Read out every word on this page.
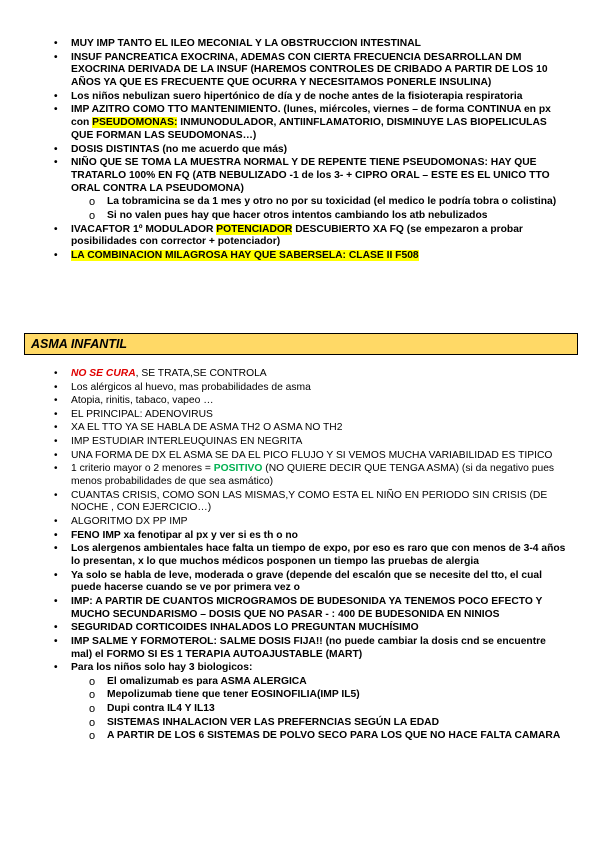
• MUY IMP TANTO EL ILEO MECONIAL Y LA OBSTRUCCION INTESTINAL
• INSUF PANCREATICA EXOCRINA, ADEMAS CON CIERTA FRECUENCIA DESARROLLAN DM EXOCRINA DERIVADA DE LA INSUF (HAREMOS CONTROLES DE CRIBADO A PARTIR DE LOS 10 AÑOS YA QUE ES FRECUENTE QUE OCURRA Y NECESITAMOS PONERLE INSULINA)
• Los niños nebulizan suero hipertónico de día y de noche antes de la fisioterapia respiratoria
• IMP AZITRO COMO TTO MANTENIMIENTO. (lunes, miércoles, viernes – de forma CONTINUA en px con PSEUDOMONAS: INMUNODULADOR, ANTIINFLAMATORIO, DISMINUYE LAS BIOPELICULAS QUE FORMAN LAS SEUDOMONAS…)
• DOSIS DISTINTAS (no me acuerdo que más)
• NIÑO QUE SE TOMA LA MUESTRA NORMAL Y DE REPENTE TIENE PSEUDOMONAS: HAY QUE TRATARLO 100% EN FQ (ATB NEBULIZADO -1 de los 3- + CIPRO ORAL – ESTE ES EL UNICO TTO ORAL CONTRA LA PSEUDOMONA)
o La tobramicina se da 1 mes y otro no por su toxicidad (el medico le podría tobra o colistina)
o Si no valen pues hay que hacer otros intentos cambiando los atb nebulizados
• IVACAFTOR 1º MODULADOR POTENCIADOR DESCUBIERTO XA FQ (se empezaron a probar posibilidades con corrector + potenciador)
• LA COMBINACION MILAGROSA HAY QUE SABERSELA: CLASE II F508
ASMA INFANTIL
• NO SE CURA, SE TRATA,SE CONTROLA
• Los alérgicos al huevo, mas probabilidades de asma
• Atopia, rinitis, tabaco, vapeo …
• EL PRINCIPAL: ADENOVIRUS
• XA EL TTO YA SE HABLA DE ASMA TH2 O ASMA NO TH2
• IMP ESTUDIAR INTERLEUQUINAS EN NEGRITA
• UNA FORMA DE DX EL ASMA SE DA EL PICO FLUJO Y SI VEMOS MUCHA VARIABILIDAD ES TIPICO
• 1 criterio mayor o 2 menores = POSITIVO (NO QUIERE DECIR QUE TENGA ASMA) (si da negativo pues menos probabilidades de que sea asmático)
• CUANTAS CRISIS, COMO SON LAS MISMAS,Y COMO ESTA EL NIÑO EN PERIODO SIN CRISIS (DE NOCHE , CON EJERCICIO…)
• ALGORITMO DX PP IMP
• FENO IMP xa fenotipar al px y ver si es th o no
• Los alergenos ambientales hace falta un tiempo de expo, por eso es raro que con menos de 3-4 años lo presentan, x lo que muchos médicos posponen un tiempo las pruebas de alergia
• Ya solo se habla de leve, moderada o grave (depende del escalón que se necesite del tto, el cual puede hacerse cuando se ve por primera vez o
• IMP: A PARTIR DE CUANTOS MICROGRAMOS DE BUDESONIDA YA TENEMOS POCO EFECTO Y MUCHO SECUNDARISMO – DOSIS QUE NO PASAR - : 400 DE BUDESONIDA EN NINIOS
• SEGURIDAD CORTICOIDES INHALADOS LO PREGUNTAN MUCHÍSIMO
• IMP SALME Y FORMOTEROL: SALME DOSIS FIJA!! (no puede cambiar la dosis cnd se encuentre mal) el FORMO SI ES 1 TERAPIA AUTOAJUSTABLE (MART)
• Para los niños solo hay 3 biologicos:
o El omalizumab es para ASMA ALERGICA
o Mepolizumab tiene que tener EOSINOFILIA(IMP IL5)
o Dupi contra IL4 Y IL13
o SISTEMAS INHALACION VER LAS PREFERNCIAS SEGÚN LA EDAD
o A PARTIR DE LOS 6 SISTEMAS DE POLVO SECO PARA LOS QUE NO HACE FALTA CAMARA
